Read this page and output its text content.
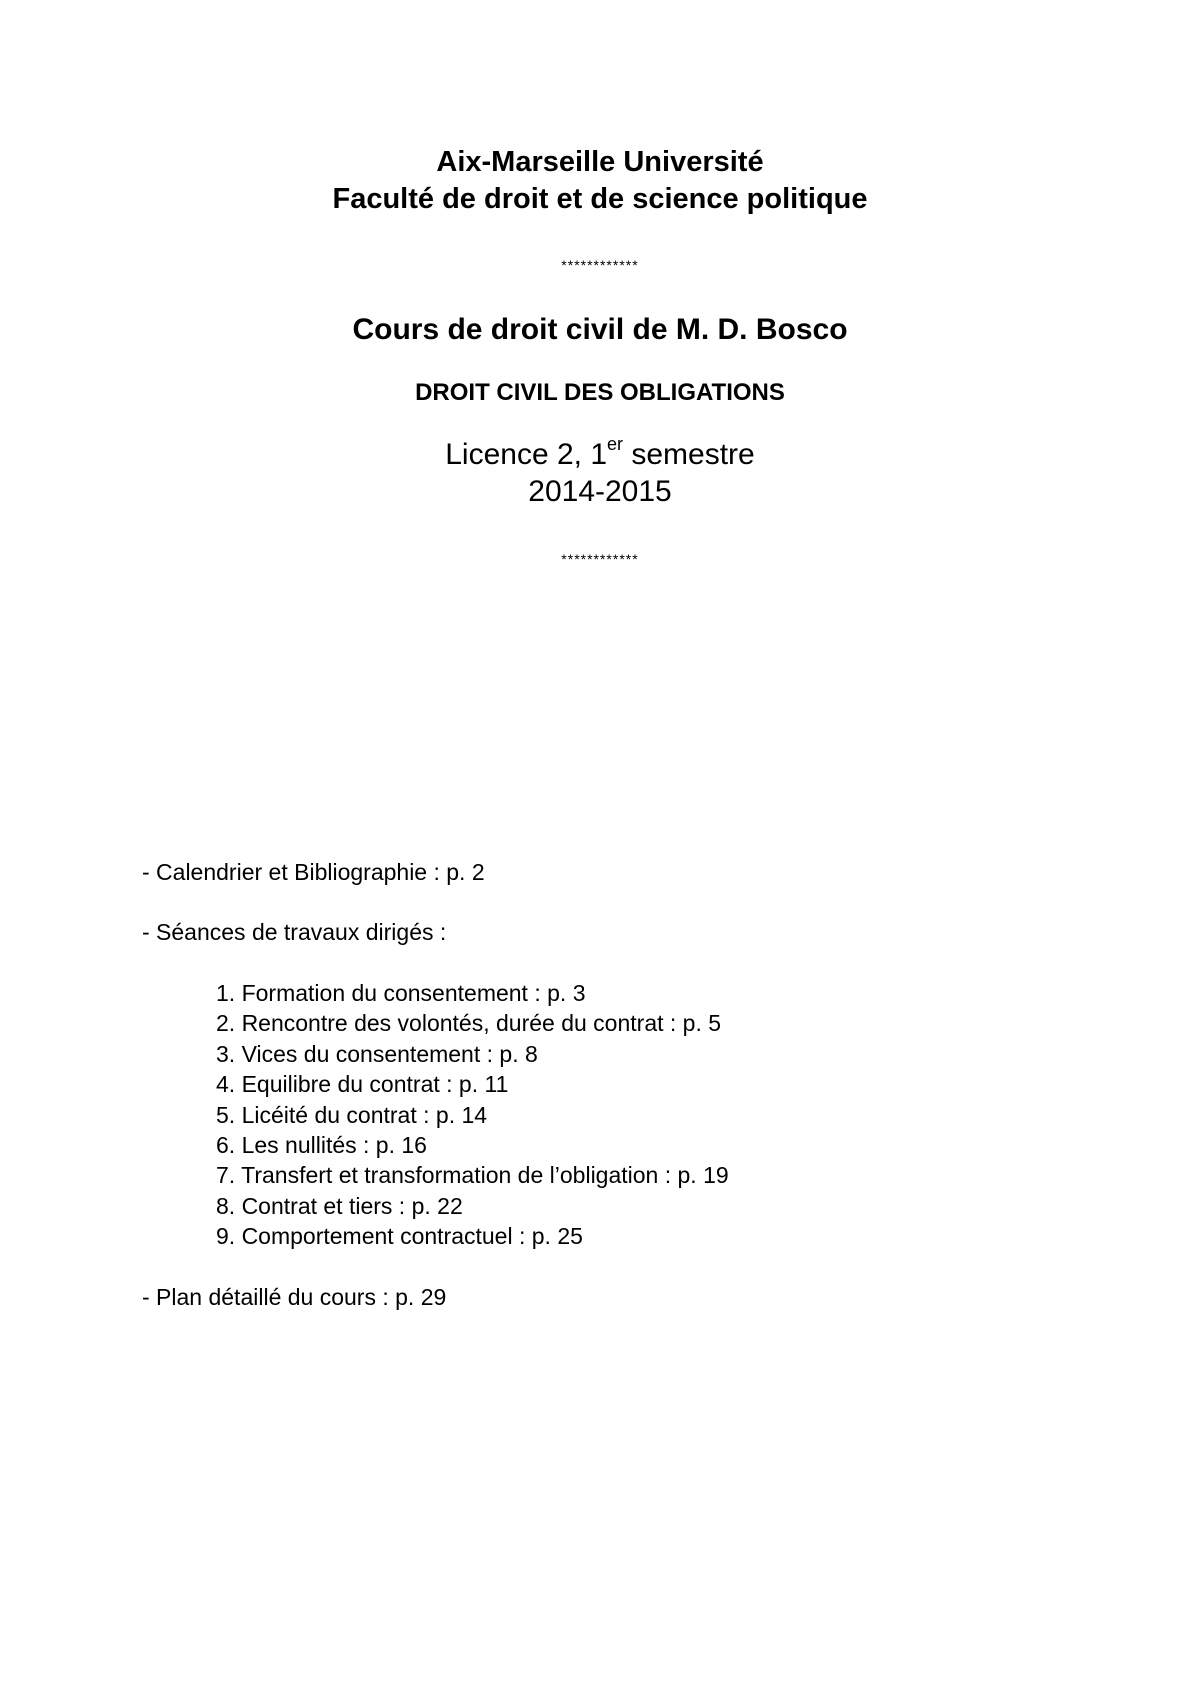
Aix-Marseille Université
Faculté de droit et de science politique
************
Cours de droit civil de M. D. Bosco
DROIT CIVIL DES OBLIGATIONS
Licence 2, 1er semestre
2014-2015
************
- Calendrier et Bibliographie : p. 2
- Séances de travaux dirigés :
1. Formation du consentement : p. 3
2. Rencontre des volontés, durée du contrat : p. 5
3. Vices du consentement : p. 8
4. Equilibre du contrat : p. 11
5. Licéité du contrat : p. 14
6. Les nullités : p. 16
7. Transfert et transformation de l’obligation : p. 19
8. Contrat et tiers : p. 22
9. Comportement contractuel : p. 25
- Plan détaillé du cours : p. 29
